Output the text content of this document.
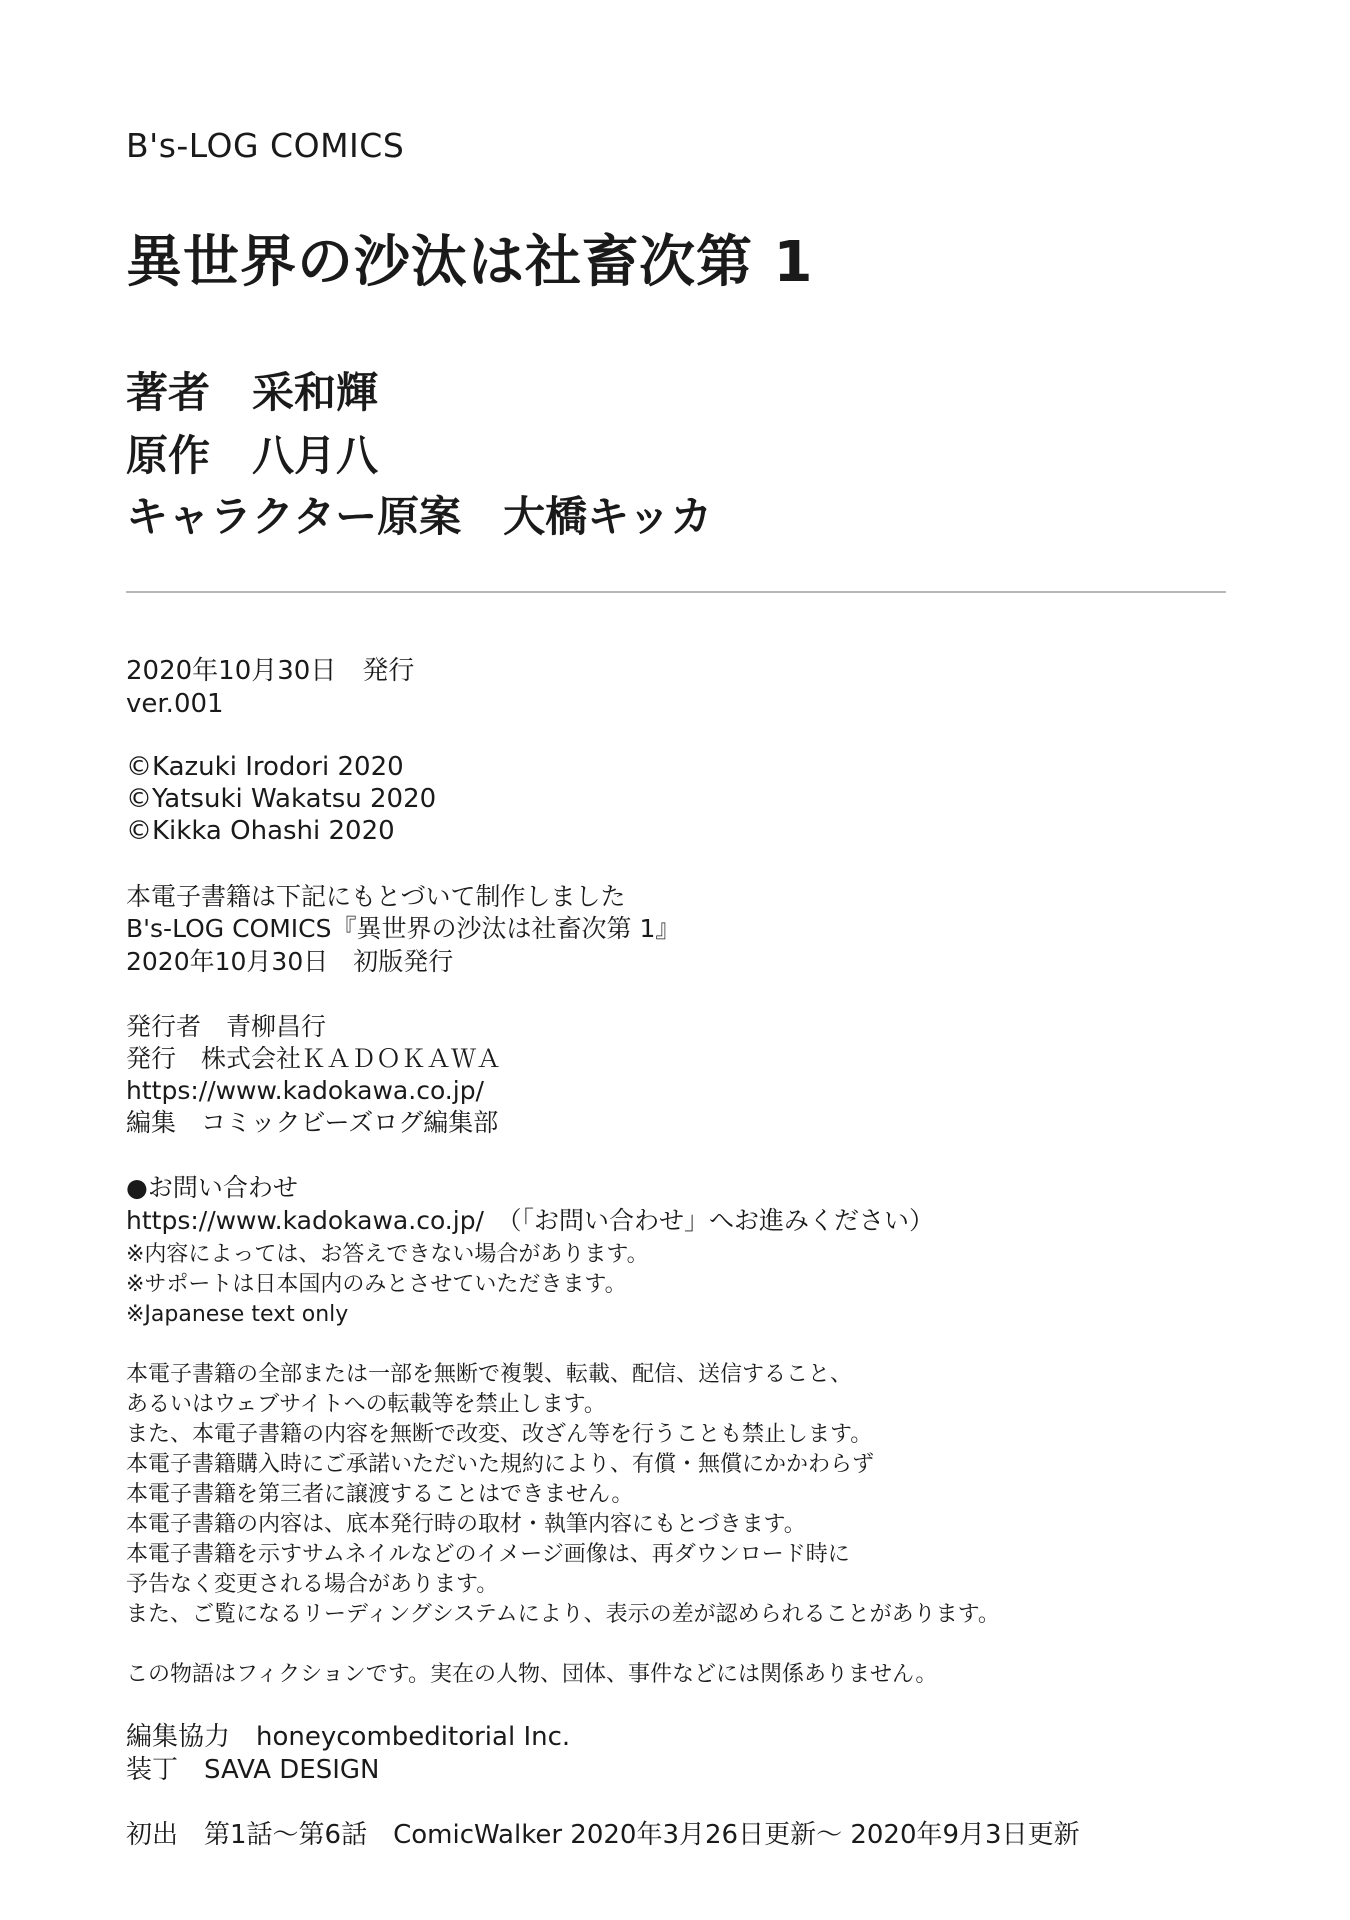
B's-LOG COMICS
異世界の沙汰は社畜次第 1
著者 采和輝
原作 八月八
キャラクター原案 大橋キッカ
2020年10月30日　発行
ver.001
©Kazuki Irodori 2020
©Yatsuki Wakatsu 2020
©Kikka Ohashi 2020
本電子書籍は下記にもとづいて制作しました
B's-LOG COMICS『異世界の沙汰は社畜次第 1』
2020年10月30日　初版発行
発行者　青柳昌行
発行　株式会社ＫＡＤＯＫＡＷＡ
https://www.kadokawa.co.jp/
編集　コミックビーズログ編集部
●お問い合わせ
https://www.kadokawa.co.jp/　（「お問い合わせ」へお進みください）
※内容によっては、お答えできない場合があります。
※サポートは日本国内のみとさせていただきます。
※Japanese text only
本電子書籍の全部または一部を無断で複製、転載、配信、送信すること、
あるいはウェブサイトへの転載等を禁止します。
また、本電子書籍の内容を無断で改変、改ざん等を行うことも禁止します。
本電子書籍購入時にご承諾いただいた規約により、有償・無償にかかわらず
本電子書籍を第三者に譲渡することはできません。
本電子書籍の内容は、底本発行時の取材・執筆内容にもとづきます。
本電子書籍を示すサムネイルなどのイメージ画像は、再ダウンロード時に
予告なく変更される場合があります。
また、ご覧になるリーディングシステムにより、表示の差が認められることがあります。
この物語はフィクションです。実在の人物、団体、事件などには関係ありません。
編集協力　honeycombeditorial Inc.
装丁　SAVA DESIGN
初出　第1話～第6話　ComicWalker 2020年3月26日更新～ 2020年9月3日更新
